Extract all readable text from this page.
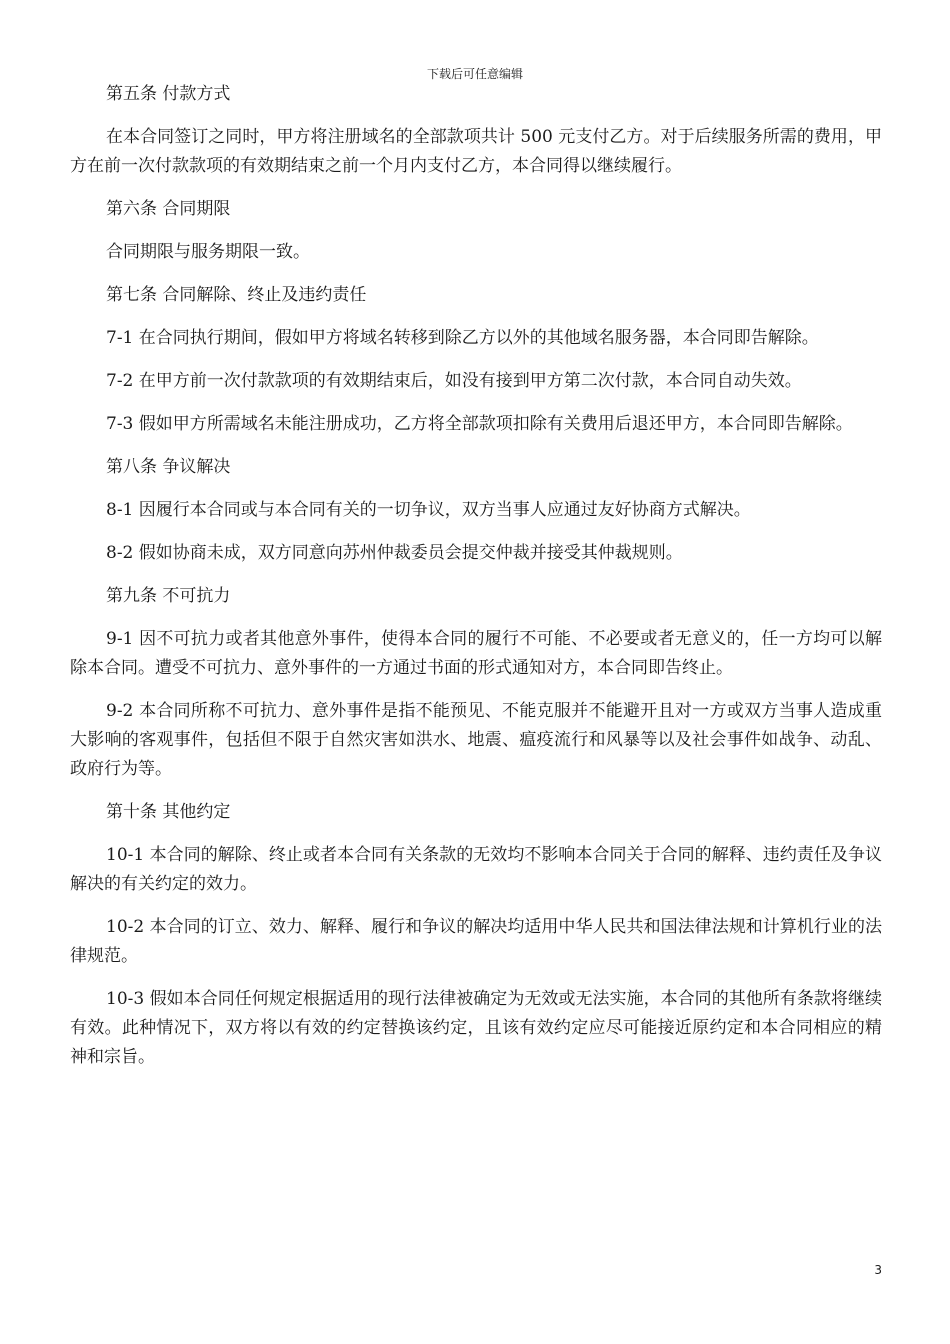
下载后可任意编辑

第五条 付款方式

在本合同签订之同时，甲方将注册域名的全部款项共计 500 元支付乙方。对于后续服务所需的费用，甲方在前一次付款款项的有效期结束之前一个月内支付乙方，本合同得以继续履行。

第六条 合同期限

合同期限与服务期限一致。

第七条 合同解除、终止及违约责任

7-1 在合同执行期间，假如甲方将域名转移到除乙方以外的其他域名服务器，本合同即告解除。

7-2 在甲方前一次付款款项的有效期结束后，如没有接到甲方第二次付款，本合同自动失效。

7-3 假如甲方所需域名未能注册成功，乙方将全部款项扣除有关费用后退还甲方，本合同即告解除。

第八条 争议解决

8-1 因履行本合同或与本合同有关的一切争议，双方当事人应通过友好协商方式解决。

8-2 假如协商未成，双方同意向苏州仲裁委员会提交仲裁并接受其仲裁规则。

第九条 不可抗力

9-1 因不可抗力或者其他意外事件，使得本合同的履行不可能、不必要或者无意义的，任一方均可以解除本合同。遭受不可抗力、意外事件的一方通过书面的形式通知对方，本合同即告终止。

9-2 本合同所称不可抗力、意外事件是指不能预见、不能克服并不能避开且对一方或双方当事人造成重大影响的客观事件，包括但不限于自然灾害如洪水、地震、瘟疫流行和风暴等以及社会事件如战争、动乱、政府行为等。

第十条 其他约定

10-1 本合同的解除、终止或者本合同有关条款的无效均不影响本合同关于合同的解释、违约责任及争议解决的有关约定的效力。

10-2 本合同的订立、效力、解释、履行和争议的解决均适用中华人民共和国法律法规和计算机行业的法律规范。

10-3 假如本合同任何规定根据适用的现行法律被确定为无效或无法实施，本合同的其他所有条款将继续有效。此种情况下，双方将以有效的约定替换该约定，且该有效约定应尽可能接近原约定和本合同相应的精神和宗旨。

3
